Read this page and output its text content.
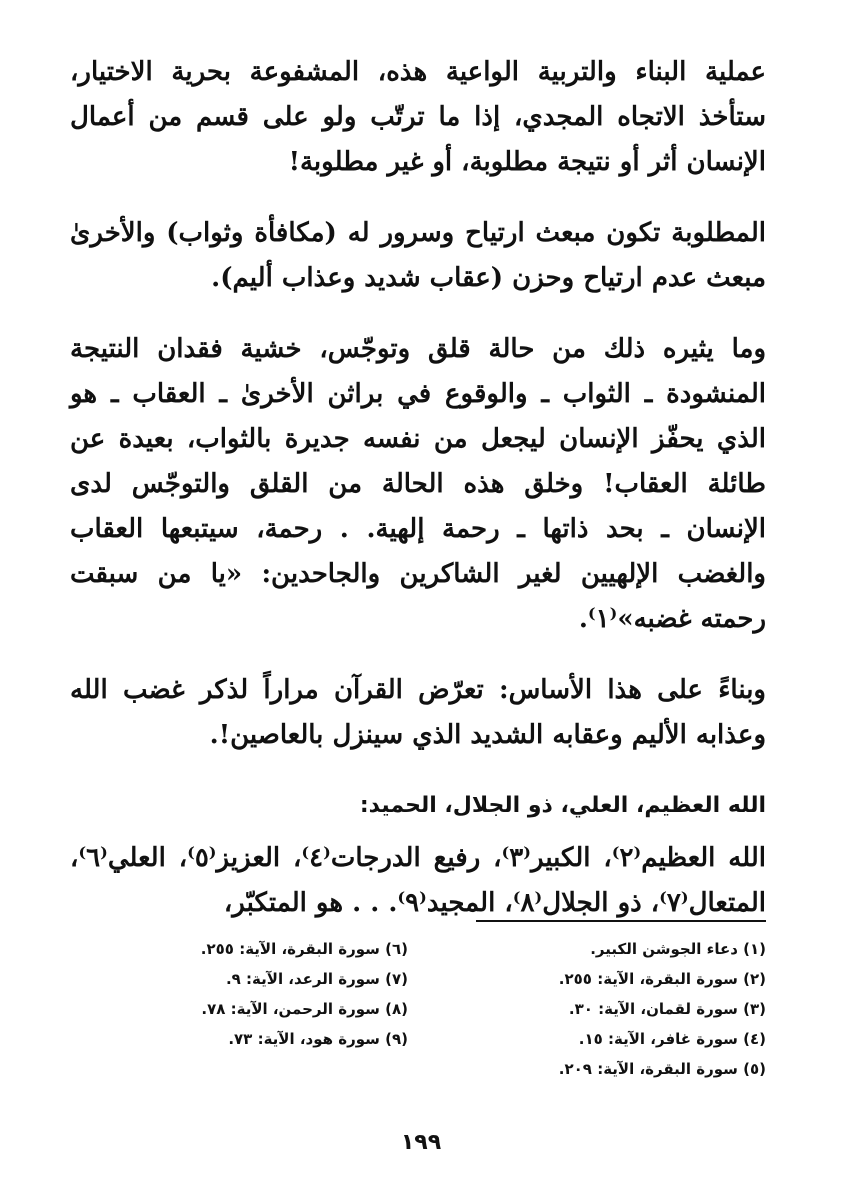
عملية البناء والتربية الواعية هذه، المشفوعة بحرية الاختيار، ستأخذ الاتجاه المجدي، إذا ما ترتّب ولو على قسم من أعمال الإنسان أثر أو نتيجة مطلوبة، أو غير مطلوبة!

المطلوبة تكون مبعث ارتياح وسرور له (مكافأة وثواب) والأخرىٰ مبعث عدم ارتياح وحزن (عقاب شديد وعذاب أليم).

وما يثيره ذلك من حالة قلق وتوجّس، خشية فقدان النتيجة المنشودة ـ الثواب ـ والوقوع في براثن الأخرىٰ ـ العقاب ـ هو الذي يحفّز الإنسان ليجعل من نفسه جديرة بالثواب، بعيدة عن طائلة العقاب! وخلق هذه الحالة من القلق والتوجّس لدى الإنسان ـ بحد ذاتها ـ رحمة إلهية. . رحمة، سيتبعها العقاب والغضب الإلهيين لغير الشاكرين والجاحدين: «يا من سبقت رحمته غضبه»⁽١⁾.

وبناءً على هذا الأساس: تعرّض القرآن مراراً لذكر غضب الله وعذابه الأليم وعقابه الشديد الذي سينزل بالعاصين!.

الله العظيم، العلي، ذو الجلال، الحميد:

الله العظيم⁽٢⁾، الكبير⁽٣⁾، رفيع الدرجات⁽٤⁾، العزيز⁽٥⁾، العلي⁽٦⁾، المتعال⁽٧⁾، ذو الجلال⁽٨⁾، المجيد⁽٩⁾. . . هو المتكبّر،

(١) دعاء الجوشن الكبير.
(٢) سورة البقرة، الآية: ٢٥٥.
(٣) سورة لقمان، الآية: ٣٠.
(٤) سورة غافر، الآية: ١٥.
(٥) سورة البقرة، الآية: ٢٠٩.
(٦) سورة البقرة، الآية: ٢٥٥.
(٧) سورة الرعد، الآية: ٩.
(٨) سورة الرحمن، الآية: ٧٨.
(٩) سورة هود، الآية: ٧٣.
١٩٩
